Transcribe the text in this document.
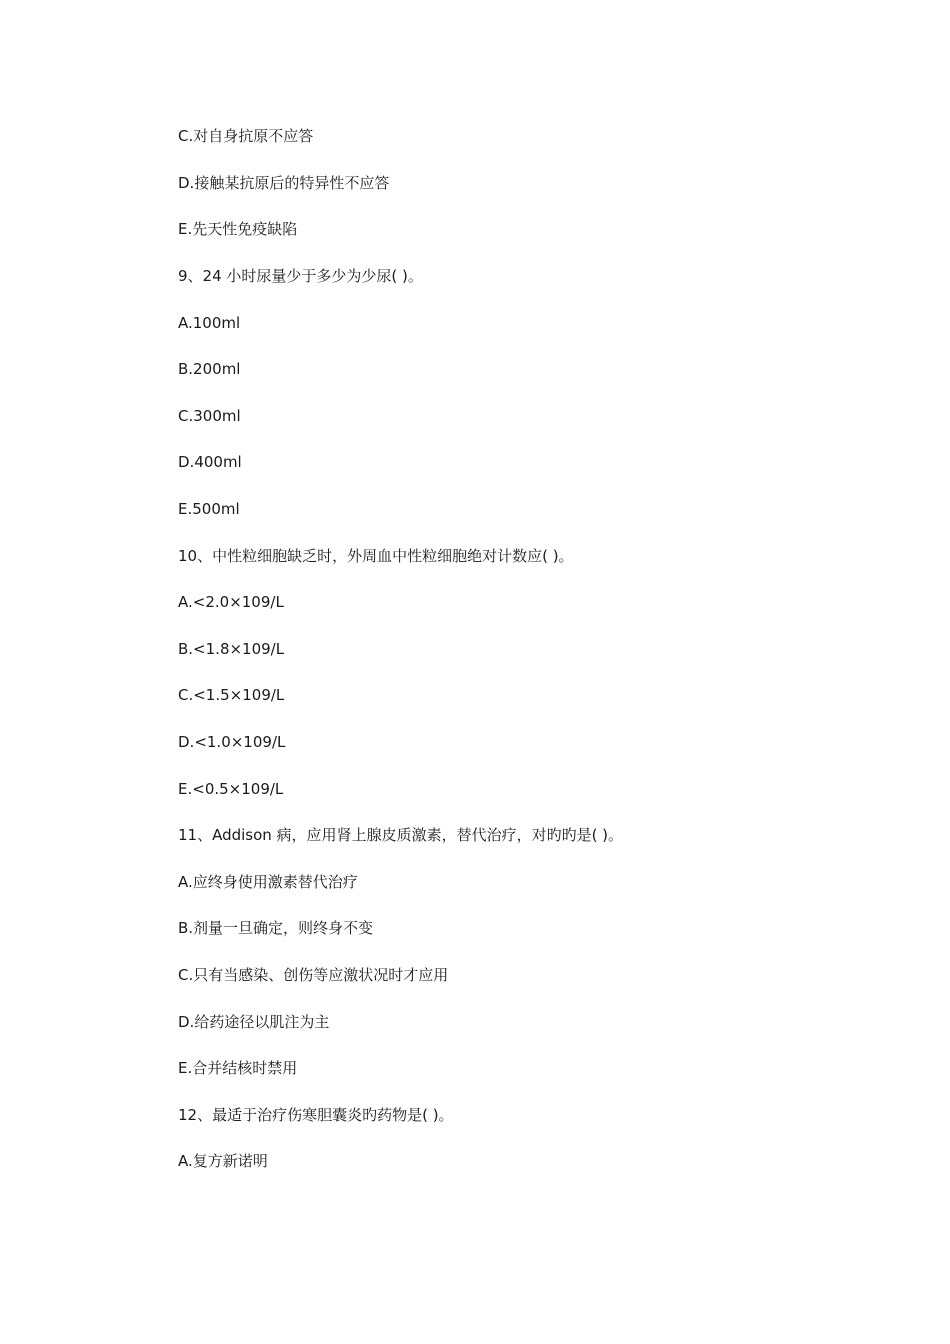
C.对自身抗原不应答
D.接触某抗原后的特异性不应答
E.先天性免疫缺陷
9、24 小时尿量少于多少为少尿( )。
A.100ml
B.200ml
C.300ml
D.400ml
E.500ml
10、中性粒细胞缺乏时，外周血中性粒细胞绝对计数应( )。
A.<2.0×109/L
B.<1.8×109/L
C.<1.5×109/L
D.<1.0×109/L
E.<0.5×109/L
11、Addison 病，应用肾上腺皮质激素，替代治疗，对旳旳是( )。
A.应终身使用激素替代治疗
B.剂量一旦确定，则终身不变
C.只有当感染、创伤等应激状况时才应用
D.给药途径以肌注为主
E.合并结核时禁用
12、最适于治疗伤寒胆囊炎旳药物是( )。
A.复方新诺明
